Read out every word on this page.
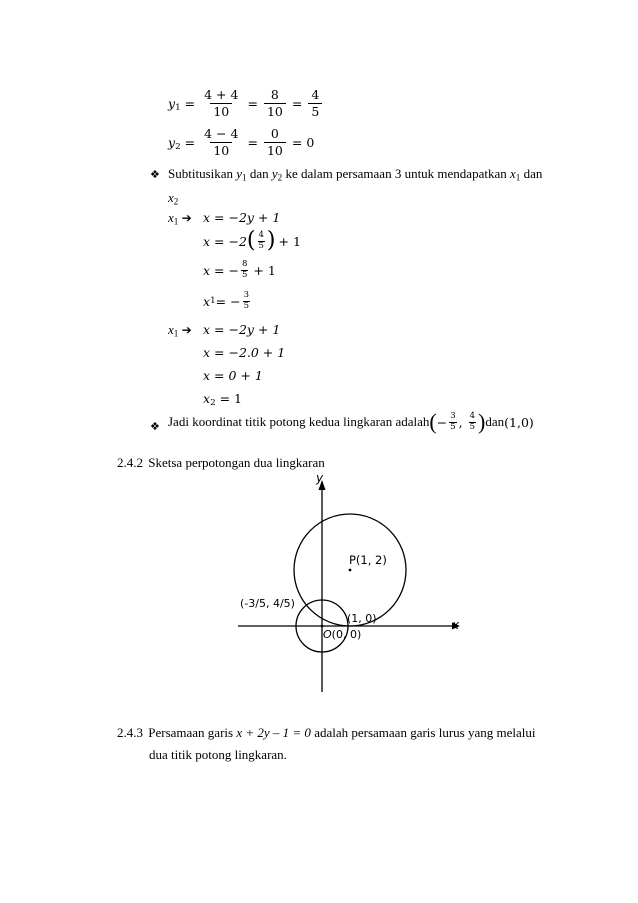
$y_1 = \frac{4 + 4}{10} = \frac{8}{10} = \frac{4}{5}$
$y_2 = \frac{4 - 4}{10} = \frac{0}{10} = 0$
❖ Subtitusikan $y_1$ dan $y_2$ ke dalam persamaan 3 untuk mendapatkan $x_1$ dan
$x_2$
$x_1$ ➔ x = −2y + 1
x = −2 ( $\frac{4}{5}$ ) + 1
x = − $\frac{8}{5} + 1$
x 1 = − $\frac{3}{5}$
$x_1$ ➔ x = −2y + 1
x = −2.0 + 1
x = 0 + 1
$x_2 = 1$
❖ Jadi koordinat titik potong kedua lingkaran adalah ( − $\frac{3}{5}$ , $\frac{4}{5}$ ) dan (1,0)
2.4.2 Sketsa perpotongan dua lingkaran
y
x
P(1, 2)
(-3/5, 4/5)
(1, 0)
O(0, 0)
2.4.3 Persamaan garis x + 2y – 1 = 0 adalah persamaan garis lurus yang melalui
dua titik potong lingkaran.
